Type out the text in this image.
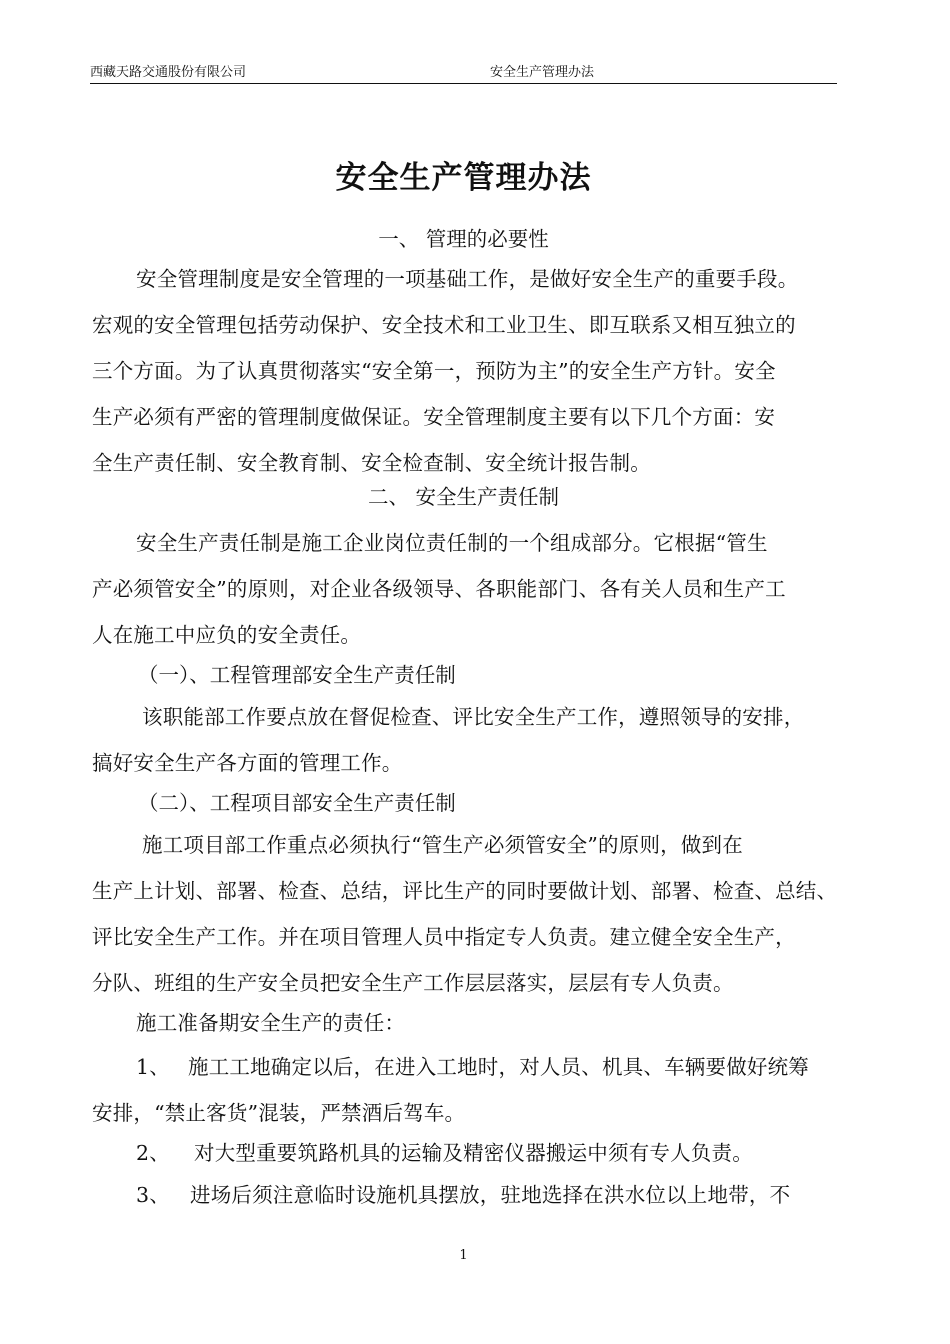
西藏天路交通股份有限公司	安全生产管理办法
安全生产管理办法
一、 管理的必要性
安全管理制度是安全管理的一项基础工作，是做好安全生产的重要手段。
宏观的安全管理包括劳动保护、安全技术和工业卫生、即互联系又相互独立的
三个方面。为了认真贯彻落实“安全第一，预防为主”的安全生产方针。安全
生产必须有严密的管理制度做保证。安全管理制度主要有以下几个方面：安
全生产责任制、安全教育制、安全检查制、安全统计报告制。
二、 安全生产责任制
安全生产责任制是施工企业岗位责任制的一个组成部分。它根据“管生
产必须管安全”的原则，对企业各级领导、各职能部门、各有关人员和生产工
人在施工中应负的安全责任。
（一）、工程管理部安全生产责任制
该职能部工作要点放在督促检查、评比安全生产工作，遵照领导的安排，
搞好安全生产各方面的管理工作。
（二）、工程项目部安全生产责任制
施工项目部工作重点必须执行“管生产必须管安全”的原则，做到在
生产上计划、部署、检查、总结，评比生产的同时要做计划、部署、检查、总结、
评比安全生产工作。并在项目管理人员中指定专人负责。建立健全安全生产，
分队、班组的生产安全员把安全生产工作层层落实，层层有专人负责。
施工准备期安全生产的责任：
1、 施工工地确定以后，在进入工地时，对人员、机具、车辆要做好统筹
安排，“禁止客货”混装，严禁酒后驾车。
2、 对大型重要筑路机具的运输及精密仪器搬运中须有专人负责。
3、 进场后须注意临时设施机具摆放，驻地选择在洪水位以上地带，不
1
